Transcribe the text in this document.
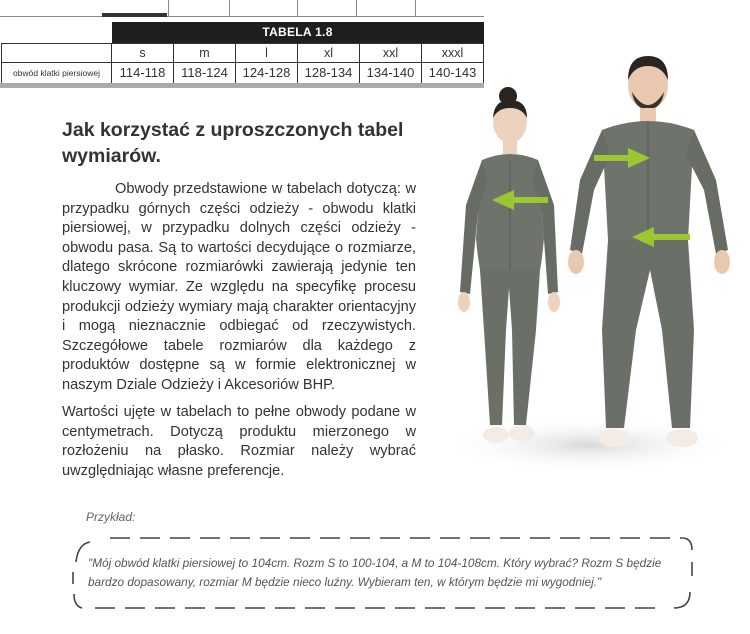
	TABELA 1.8					
	s	m	l	xl	xxl	xxxl
obwód klatki piersiowej	114-118	118-124	124-128	128-134	134-140	140-143
Jak korzystać z uproszczonych tabel wymiarów.

Obwody przedstawione w tabelach dotyczą: w przypadku górnych części odzieży - obwodu klatki piersiowej, w przypadku dolnych części odzieży - obwodu pasa. Są to wartości decydujące o rozmiarze, dlatego skrócone rozmiarówki zawierają jedynie ten kluczowy wymiar. Ze względu na specyfikę procesu produkcji odzieży wymiary mają charakter orientacyjny i mogą nieznacznie odbiegać od rzeczywistych. Szczegółowe tabele rozmiarów dla każdego z produktów dostępne są w formie elektronicznej w naszym Dziale Odzieży i Akcesoriów BHP.

Wartości ujęte w tabelach to pełne obwody podane w centymetrach. Dotyczą produktu mierzonego w rozłożeniu na płasko. Rozmiar należy wybrać uwzględniając własne preferencje.
Przykład:
"Mój obwód klatki piersiowej to 104cm. Rozm S to 100-104, a M to 104-108cm. Który wybrać? Rozm S będzie bardzo dopasowany, rozmiar M będzie nieco luźny. Wybieram ten, w którym będzie mi wygodniej."
